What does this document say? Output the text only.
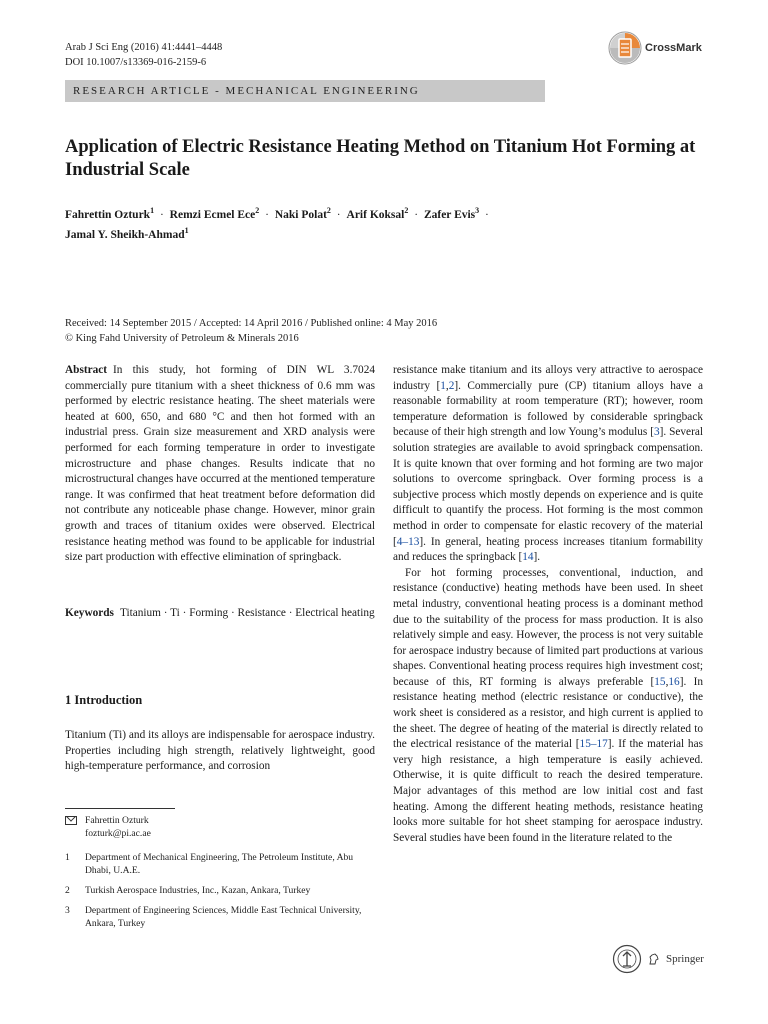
Arab J Sci Eng (2016) 41:4441–4448
DOI 10.1007/s13369-016-2159-6
CrossMark
RESEARCH ARTICLE - MECHANICAL ENGINEERING
Application of Electric Resistance Heating Method on Titanium Hot Forming at Industrial Scale
Fahrettin Ozturk$^1$ · Remzi Ecmel Ece$^2$ · Naki Polat$^2$ · Arif Koksal$^2$ · Zafer Evis$^3$ ·
Jamal Y. Sheikh-Ahmad$^1$
Received: 14 September 2015 / Accepted: 14 April 2016 / Published online: 4 May 2016
© King Fahd University of Petroleum & Minerals 2016

Abstract In this study, hot forming of DIN WL 3.7024 commercially pure titanium with a sheet thickness of 0.6 mm was performed by electric resistance heating. The sheet materials were heated at 600, 650, and 680 °C and then hot formed with an industrial press. Grain size measurement and XRD analysis were performed for each forming temperature in order to investigate microstructure and phase changes. Results indicate that no microstructural changes have occurred at the mentioned temperature range. It was confirmed that heat treatment before deformation did not contribute any noticeable phase change. However, minor grain growth and traces of titanium oxides were observed. Electrical resistance heating method was found to be applicable for industrial size part production with effective elimination of springback.

Keywords Titanium · Ti · Forming · Resistance · Electrical heating

1 Introduction

Titanium (Ti) and its alloys are indispensable for aerospace industry. Properties including high strength, relatively lightweight, good high-temperature performance, and corrosion

Fahrettin Ozturk
fozturk@pi.ac.ae
1	Department of Mechanical Engineering, The Petroleum Institute, Abu Dhabi, U.A.E.
2	Turkish Aerospace Industries, Inc., Kazan, Ankara, Turkey
3	Department of Engineering Sciences, Middle East Technical University, Ankara, Turkey

resistance make titanium and its alloys very attractive to aerospace industry [1,2]. Commercially pure (CP) titanium alloys have a reasonable formability at room temperature (RT); however, room temperature deformation is followed by considerable springback because of their high strength and low Young’s modulus [3]. Several solution strategies are available to avoid springback compensation. It is quite known that over forming and hot forming are two major solutions to overcome springback. Over forming process is a subjective process which mostly depends on experience and is quite difficult to quantify the process. Hot forming is the most common method in order to compensate for elastic recovery of the material [4–13]. In general, heating process increases titanium formability and reduces the springback [14].

For hot forming processes, conventional, induction, and resistance (conductive) heating methods have been used. In sheet metal industry, conventional heating process is a dominant method due to the suitability of the process for mass production. It is also relatively simple and easy. However, the process is not very suitable for aerospace industry because of limited part productions at various shapes. Conventional heating process requires high investment cost; because of this, RT forming is always preferable [15,16]. In resistance heating method (electric resistance or conductive), the work sheet is considered as a resistor, and high current is applied to the sheet. The degree of heating of the material is directly related to the electrical resistance of the material [15–17]. If the material has very high resistance, a high temperature is easily achieved. Otherwise, it is quite difficult to reach the desired temperature. Major advantages of this method are low initial cost and fast heating. Among the different heating methods, resistance heating looks more suitable for hot sheet stamping for aerospace industry. Several studies have been found in the literature related to the

Springer
